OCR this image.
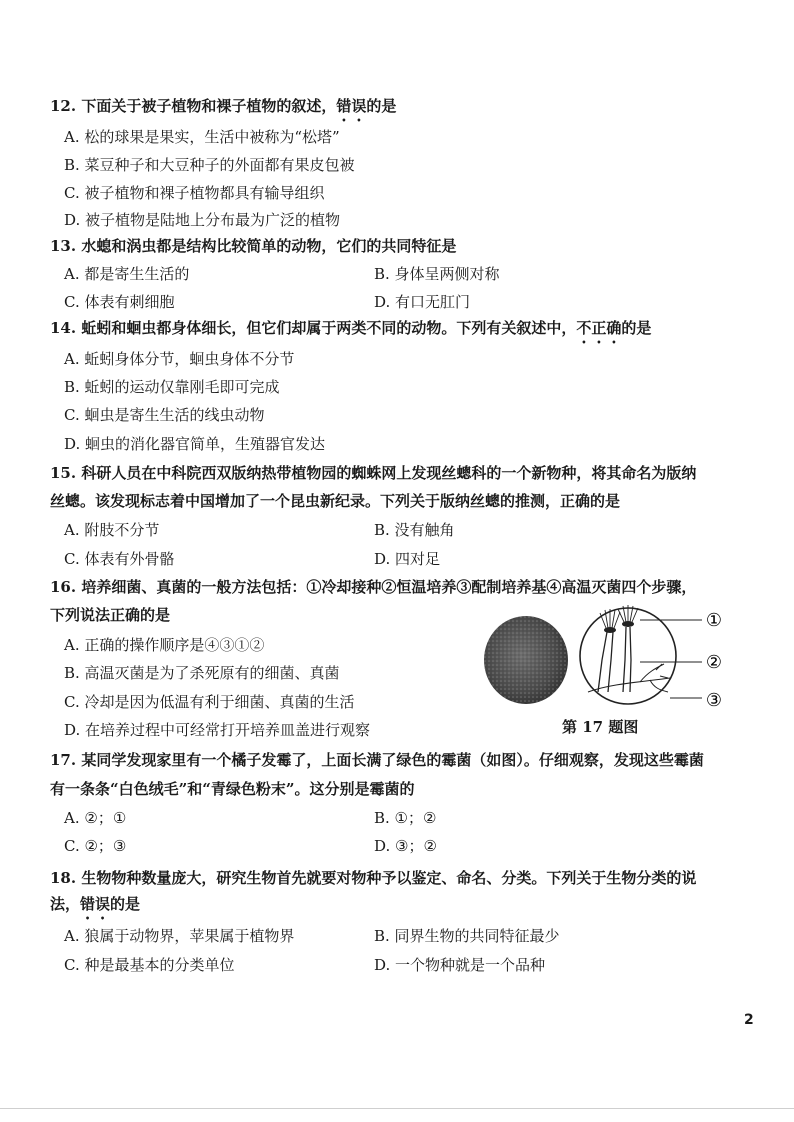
12. 下面关于被子植物和裸子植物的叙述，错误的是
A. 松的球果是果实，生活中被称为“松塔”
B. 菜豆种子和大豆种子的外面都有果皮包被
C. 被子植物和裸子植物都具有输导组织
D. 被子植物是陆地上分布最为广泛的植物
13. 水螅和涡虫都是结构比较简单的动物，它们的共同特征是
A. 都是寄生生活的	B. 身体呈两侧对称
C. 体表有刺细胞	D. 有口无肛门
14. 蚯蚓和蛔虫都身体细长，但它们却属于两类不同的动物。下列有关叙述中，不正确的是
A. 蚯蚓身体分节，蛔虫身体不分节
B. 蚯蚓的运动仅靠刚毛即可完成
C. 蛔虫是寄生生活的线虫动物
D. 蛔虫的消化器官简单，生殖器官发达
15. 科研人员在中科院西双版纳热带植物园的蜘蛛网上发现丝蟌科的一个新物种，将其命名为版纳
丝蟌。该发现标志着中国增加了一个昆虫新纪录。下列关于版纳丝蟌的推测，正确的是
A. 附肢不分节	B. 没有触角
C. 体表有外骨骼	D. 四对足
16. 培养细菌、真菌的一般方法包括：①冷却接种②恒温培养③配制培养基④高温灭菌四个步骤，
下列说法正确的是
A. 正确的操作顺序是④③①②
B. 高温灭菌是为了杀死原有的细菌、真菌
C. 冷却是因为低温有利于细菌、真菌的生活
D. 在培养过程中可经常打开培养皿盖进行观察
①
②
③
第 17 题图
17. 某同学发现家里有一个橘子发霉了，上面长满了绿色的霉菌（如图）。仔细观察，发现这些霉菌
有一条条“白色绒毛”和“青绿色粉末”。这分别是霉菌的
A. ②；①	B. ①；②
C. ②；③	D. ③；②
18. 生物物种数量庞大，研究生物首先就要对物种予以鉴定、命名、分类。下列关于生物分类的说
法，错误的是
A. 狼属于动物界，苹果属于植物界	B. 同界生物的共同特征最少
C. 种是最基本的分类单位	D. 一个物种就是一个品种
2
